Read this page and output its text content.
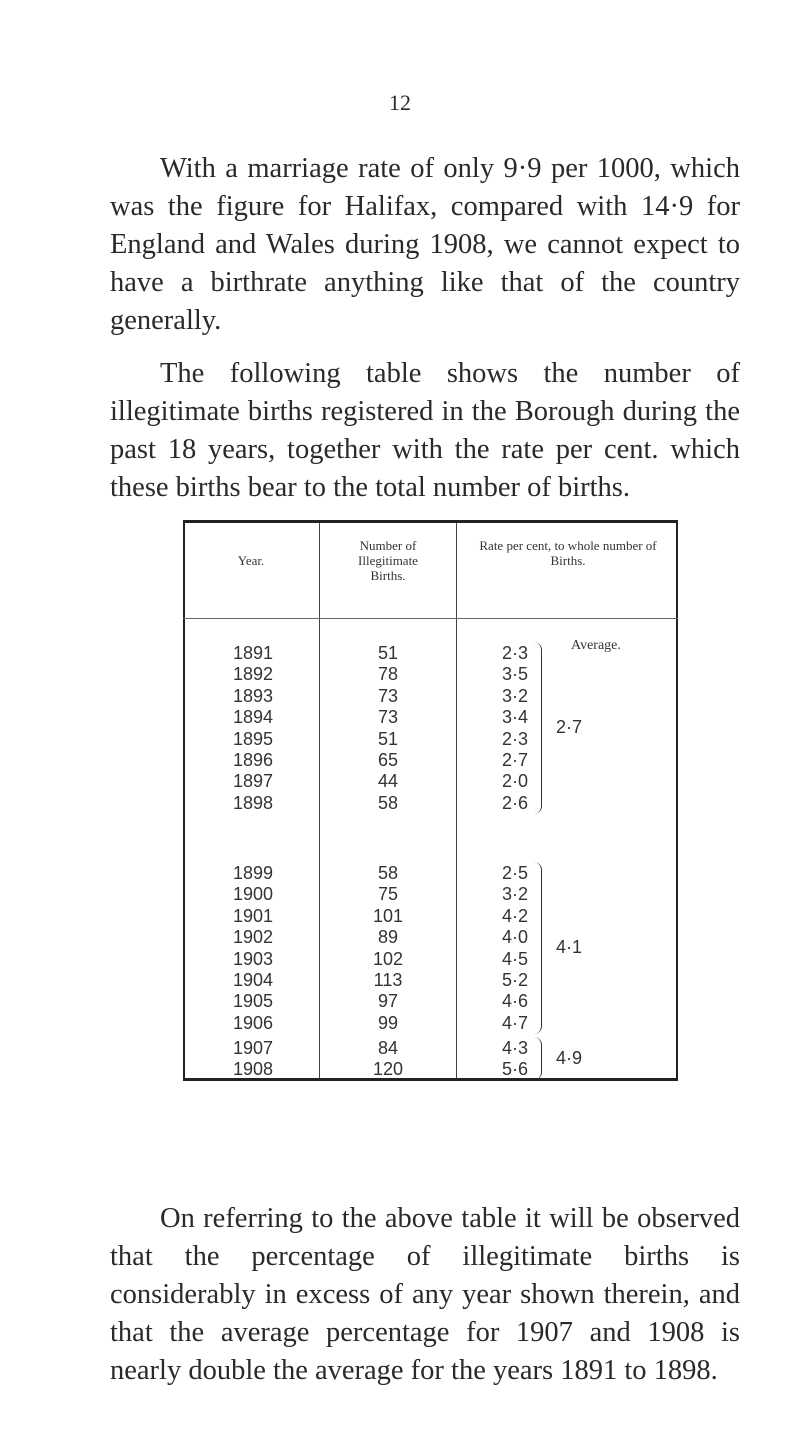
12

With a marriage rate of only 9·9 per 1000, which was the figure for Halifax, compared with 14·9 for England and Wales during 1908, we cannot expect to have a birthrate anything like that of the country generally.

The following table shows the number of illegitimate births registered in the Borough during the past 18 years, together with the rate per cent. which these births bear to the total number of births.

Year.
Number of Illegitimate Births.
Rate per cent, to whole number of Births.
Average.
1891	51	2·3
1892	78	3·5
1893	73	3·2
1894	73	3·4
1895	51	2·3
1896	65	2·7
1897	44	2·0
1898	58	2·6
2·7
1899	58	2·5
1900	75	3·2
1901	101	4·2
1902	89	4·0
1903	102	4·5
1904	113	5·2
1905	97	4·6
1906	99	4·7
4·1
1907	84	4·3
1908	120	5·6
4·9

On referring to the above table it will be observed that the percentage of illegitimate births is considerably in excess of any year shown therein, and that the average percentage for 1907 and 1908 is nearly double the average for the years 1891 to 1898.
